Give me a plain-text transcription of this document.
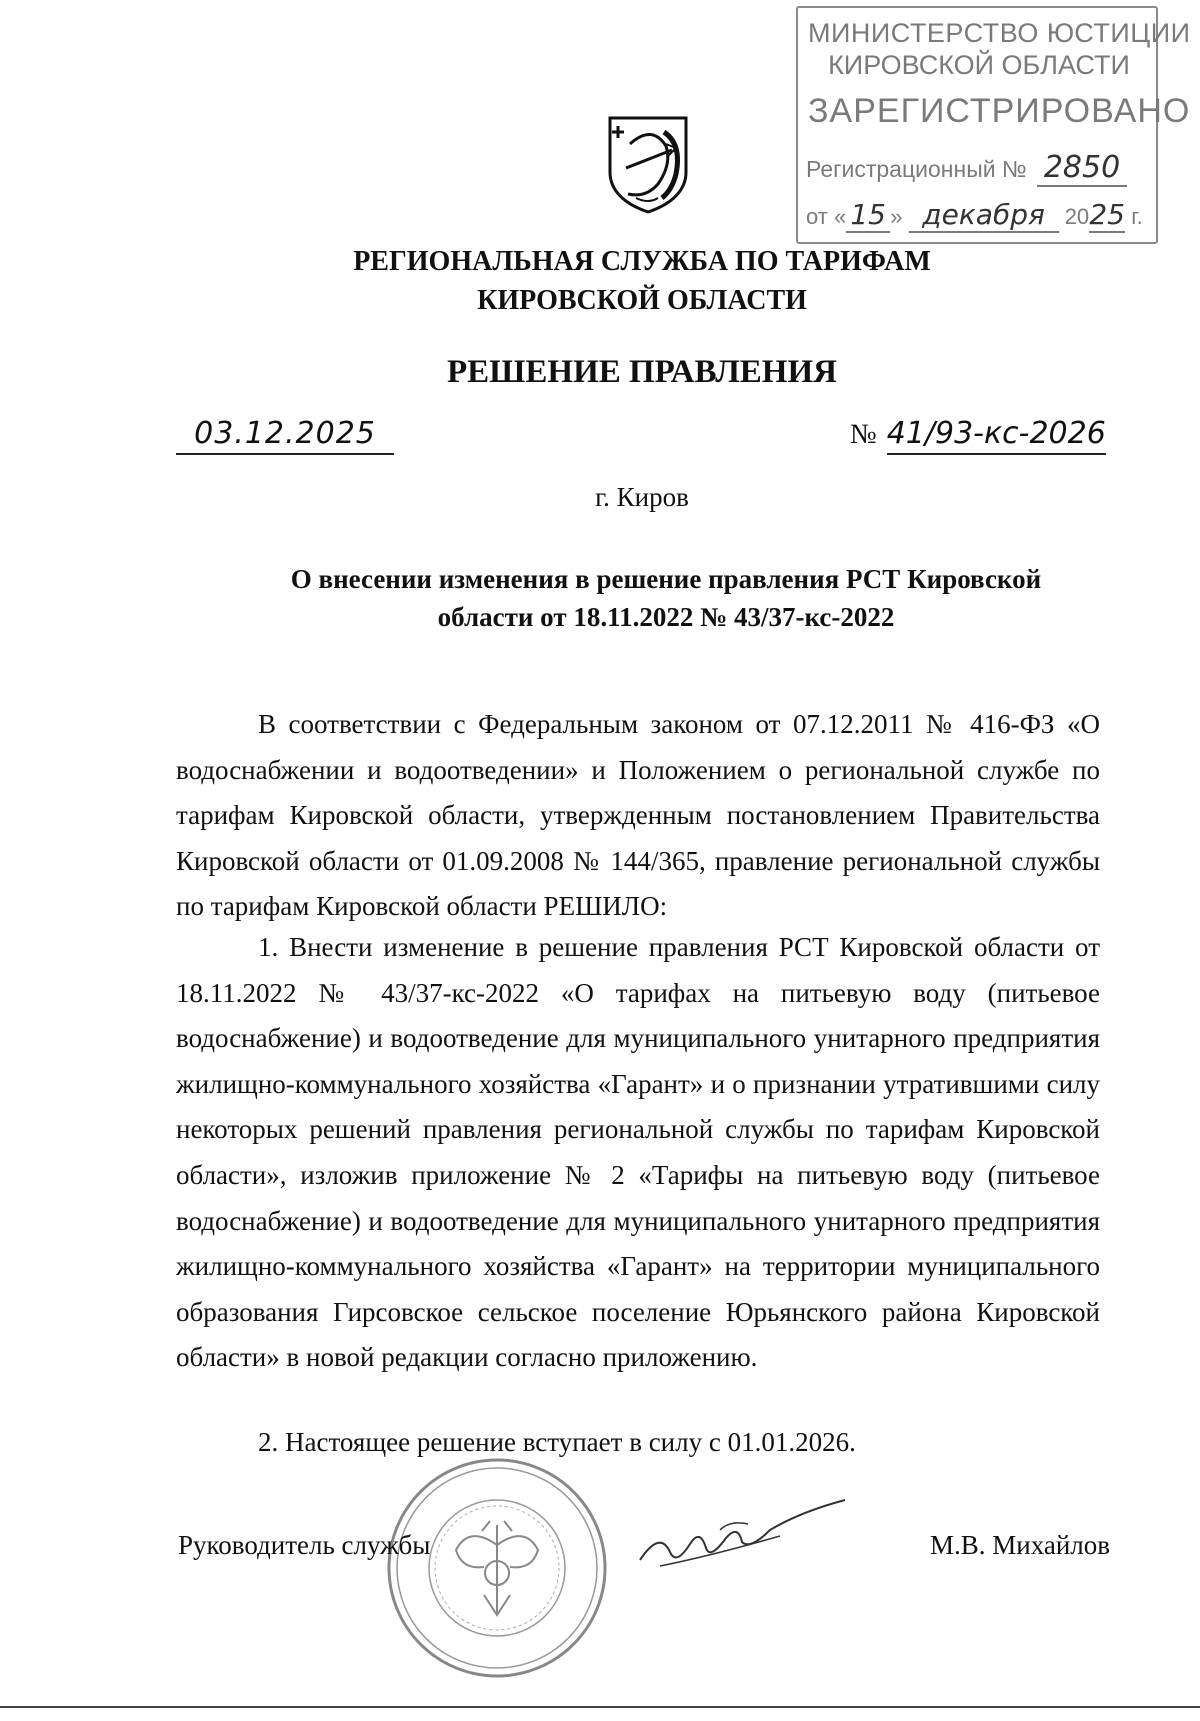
МИНИСТЕРСТВО ЮСТИЦИИ
КИРОВСКОЙ ОБЛАСТИ
ЗАРЕГИСТРИРОВАНО
Регистрационный № 2850
от « 15 » декабря 2025 г.
РЕГИОНАЛЬНАЯ СЛУЖБА ПО ТАРИФАМ
КИРОВСКОЙ ОБЛАСТИ
РЕШЕНИЕ ПРАВЛЕНИЯ
03.12.2025	№ 41/93-кс-2026
г. Киров
О внесении изменения в решение правления РСТ Кировской
области от 18.11.2022 № 43/37-кс-2022

В соответствии с Федеральным законом от 07.12.2011 № 416-ФЗ «О водоснабжении и водоотведении» и Положением о региональной службе по тарифам Кировской области, утвержденным постановлением Правительства Кировской области от 01.09.2008 № 144/365, правление региональной службы по тарифам Кировской области РЕШИЛО:

1. Внести изменение в решение правления РСТ Кировской области от 18.11.2022 № 43/37-кс-2022 «О тарифах на питьевую воду (питьевое водоснабжение) и водоотведение для муниципального унитарного предприятия жилищно-коммунального хозяйства «Гарант» и о признании утратившими силу некоторых решений правления региональной службы по тарифам Кировской области», изложив приложение № 2 «Тарифы на питьевую воду (питьевое водоснабжение) и водоотведение для муниципального унитарного предприятия жилищно-коммунального хозяйства «Гарант» на территории муниципального образования Гирсовское сельское поселение Юрьянского района Кировской области» в новой редакции согласно приложению.

2. Настоящее решение вступает в силу с 01.01.2026.

Руководитель службы	М.В. Михайлов
